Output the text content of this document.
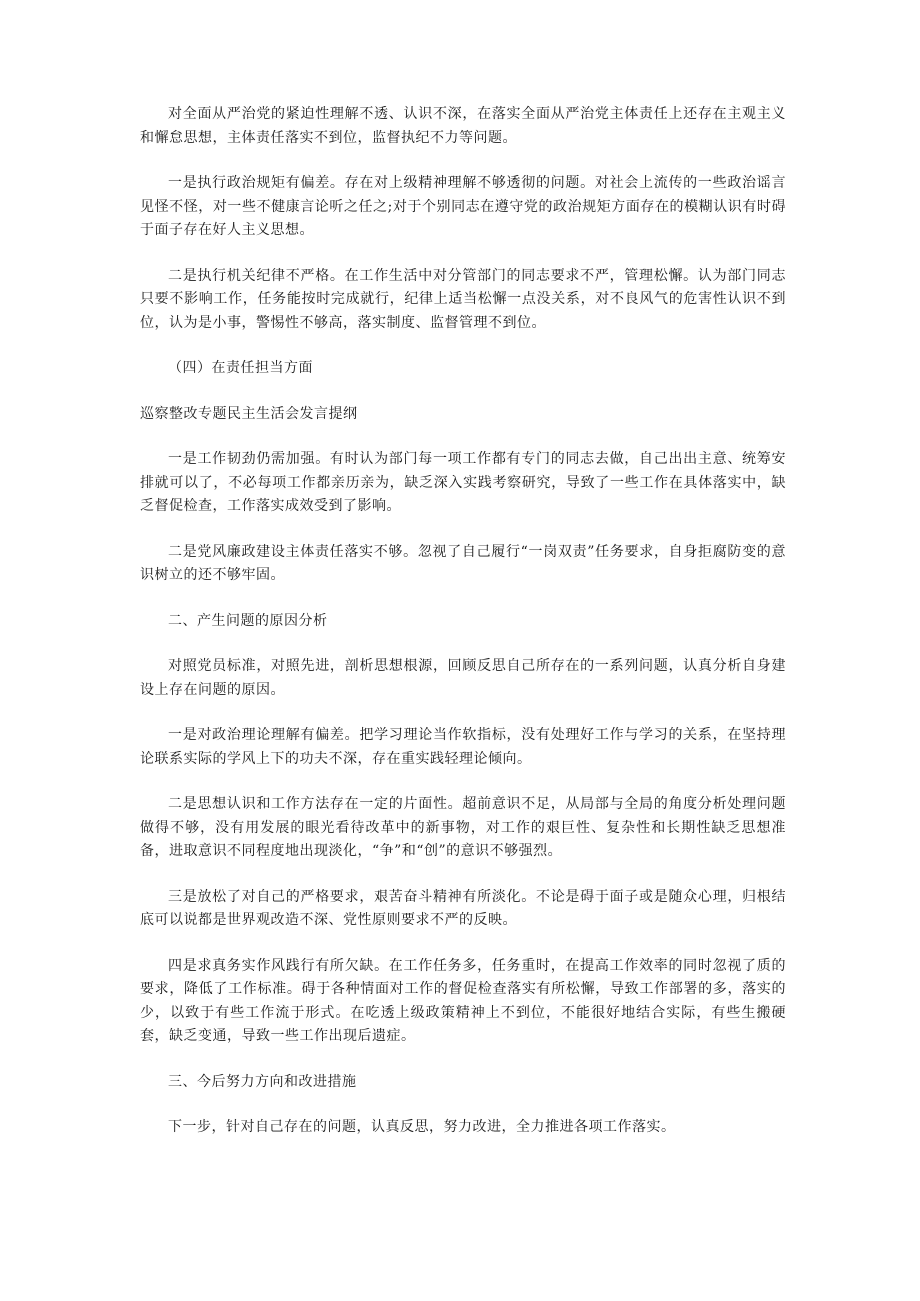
对全面从严治党的紧迫性理解不透、认识不深，在落实全面从严治党主体责任上还存在主观主义和懈怠思想，主体责任落实不到位，监督执纪不力等问题。

一是执行政治规矩有偏差。存在对上级精神理解不够透彻的问题。对社会上流传的一些政治谣言见怪不怪，对一些不健康言论听之任之;对于个别同志在遵守党的政治规矩方面存在的模糊认识有时碍于面子存在好人主义思想。

二是执行机关纪律不严格。在工作生活中对分管部门的同志要求不严，管理松懈。认为部门同志只要不影响工作，任务能按时完成就行，纪律上适当松懈一点没关系，对不良风气的危害性认识不到位，认为是小事，警惕性不够高，落实制度、监督管理不到位。

（四）在责任担当方面

巡察整改专题民主生活会发言提纲

一是工作韧劲仍需加强。有时认为部门每一项工作都有专门的同志去做，自己出出主意、统筹安排就可以了，不必每项工作都亲历亲为，缺乏深入实践考察研究，导致了一些工作在具体落实中，缺乏督促检查，工作落实成效受到了影响。

二是党风廉政建设主体责任落实不够。忽视了自己履行“一岗双责”任务要求，自身拒腐防变的意识树立的还不够牢固。

二、产生问题的原因分析

对照党员标准，对照先进，剖析思想根源，回顾反思自己所存在的一系列问题，认真分析自身建设上存在问题的原因。

一是对政治理论理解有偏差。把学习理论当作软指标，没有处理好工作与学习的关系，在坚持理论联系实际的学风上下的功夫不深，存在重实践轻理论倾向。

二是思想认识和工作方法存在一定的片面性。超前意识不足，从局部与全局的角度分析处理问题做得不够，没有用发展的眼光看待改革中的新事物，对工作的艰巨性、复杂性和长期性缺乏思想准备，进取意识不同程度地出现淡化，“争”和“创”的意识不够强烈。

三是放松了对自己的严格要求，艰苦奋斗精神有所淡化。不论是碍于面子或是随众心理，归根结底可以说都是世界观改造不深、党性原则要求不严的反映。

四是求真务实作风践行有所欠缺。在工作任务多，任务重时，在提高工作效率的同时忽视了质的要求，降低了工作标准。碍于各种情面对工作的督促检查落实有所松懈，导致工作部署的多，落实的少，以致于有些工作流于形式。在吃透上级政策精神上不到位，不能很好地结合实际，有些生搬硬套，缺乏变通，导致一些工作出现后遗症。

三、今后努力方向和改进措施

下一步，针对自己存在的问题，认真反思，努力改进，全力推进各项工作落实。
